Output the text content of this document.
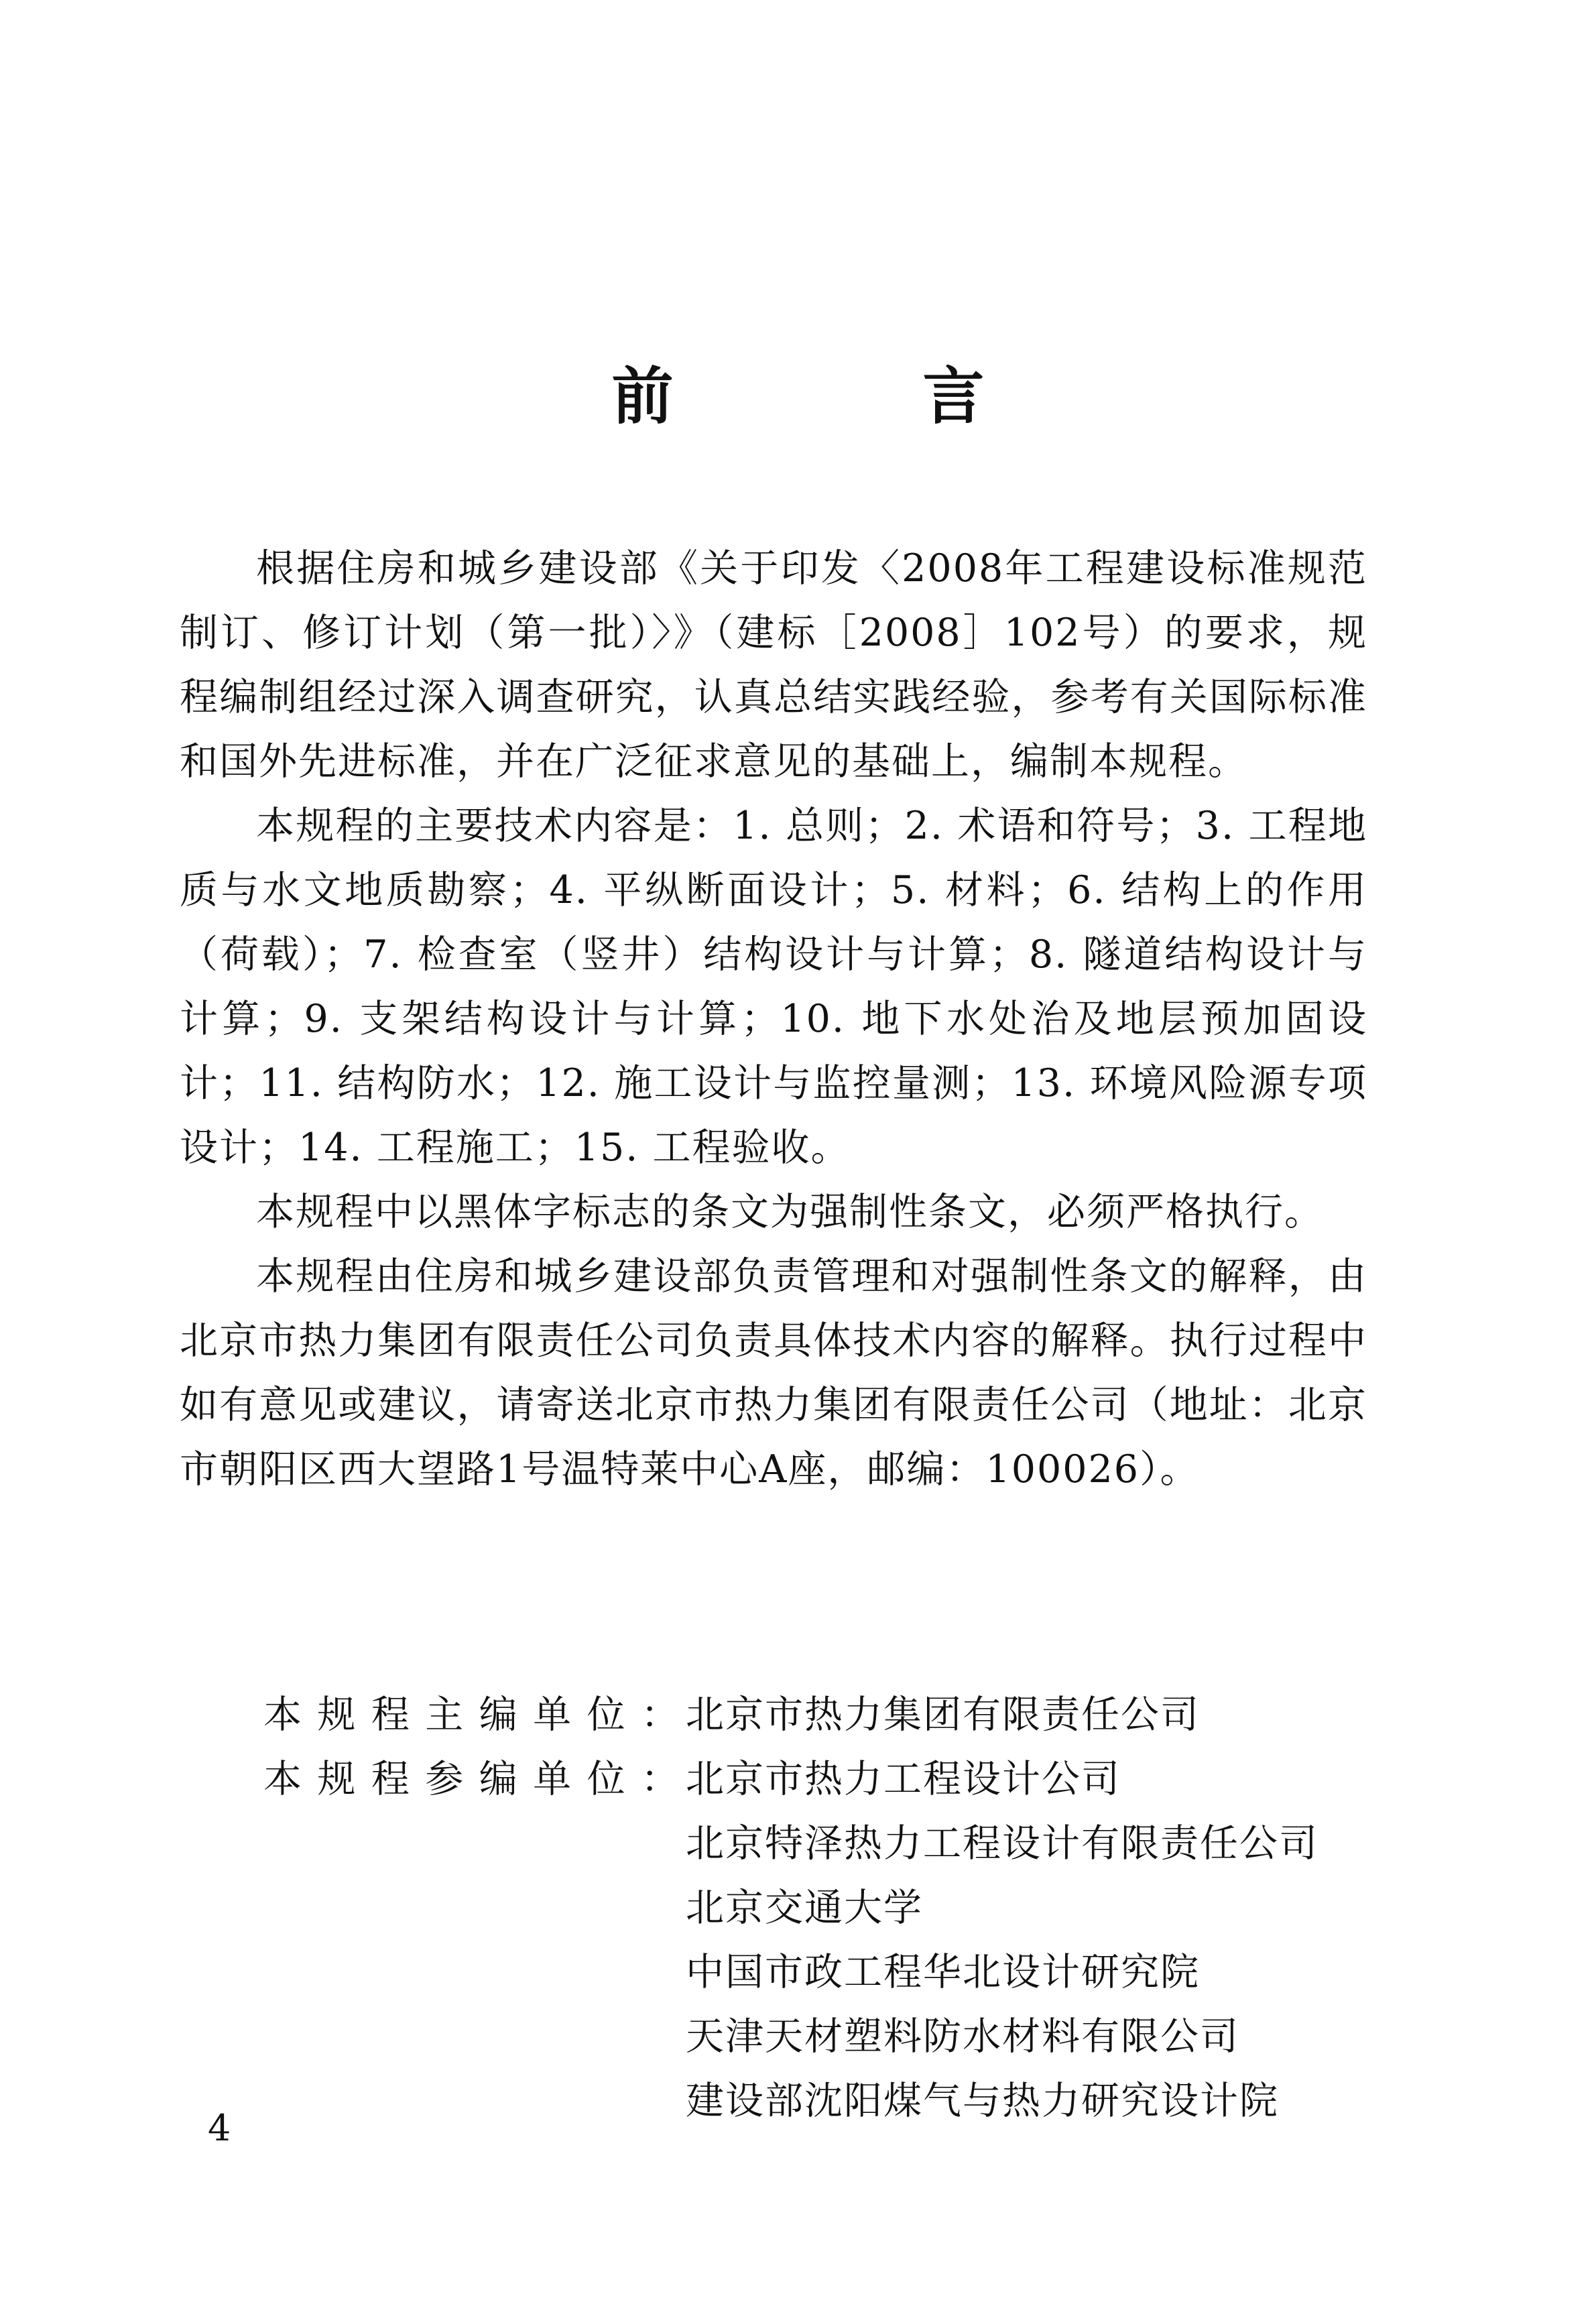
前 言

根据住房和城乡建设部《关于印发〈2008年工程建设标准规范制订、修订计划（第一批）〉》（建标［2008］102号）的要求，规程编制组经过深入调查研究，认真总结实践经验，参考有关国际标准和国外先进标准，并在广泛征求意见的基础上，编制本规程。

本规程的主要技术内容是：1. 总则；2. 术语和符号；3. 工程地质与水文地质勘察；4. 平纵断面设计；5. 材料；6. 结构上的作用（荷载）；7. 检查室（竖井）结构设计与计算；8. 隧道结构设计与计算；9. 支架结构设计与计算；10. 地下水处治及地层预加固设计；11. 结构防水；12. 施工设计与监控量测；13. 环境风险源专项设计；14. 工程施工；15. 工程验收。

本规程中以黑体字标志的条文为强制性条文，必须严格执行。

本规程由住房和城乡建设部负责管理和对强制性条文的解释，由北京市热力集团有限责任公司负责具体技术内容的解释。执行过程中如有意见或建议，请寄送北京市热力集团有限责任公司（地址：北京市朝阳区西大望路1号温特莱中心A座，邮编：100026）。

本规程主编单位： 北京市热力集团有限责任公司
本规程参编单位： 北京市热力工程设计公司
北京特泽热力工程设计有限责任公司
北京交通大学
中国市政工程华北设计研究院
天津天材塑料防水材料有限公司
建设部沈阳煤气与热力研究设计院
4
